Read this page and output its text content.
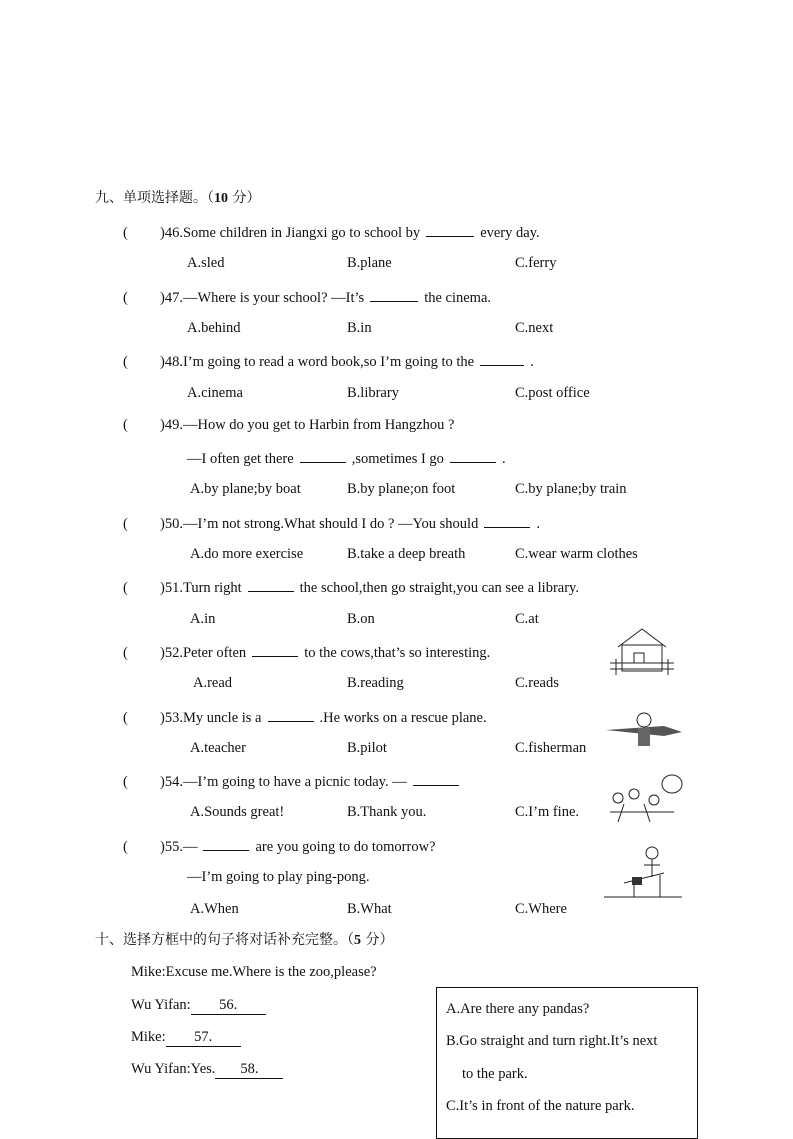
九、单项选择题。（10 分）
( )46.Some children in Jiangxi go to school by	every day.
A.sled	B.plane	C.ferry
( )47.—Where is your school? —It’s	the cinema.
A.behind	B.in	C.next
( )48.I’m going to read a word book,so I’m going to the	.
A.cinema	B.library	C.post office
( )49.—How do you get to Harbin from Hangzhou ?
—I often get there	,sometimes I go	.
A.by plane;by boat	B.by plane;on foot	C.by plane;by train
( )50.—I’m not strong.What should I do ? —You should	.
A.do more exercise	B.take a deep breath	C.wear warm clothes
( )51.Turn right	the school,then go straight,you can see a library.
A.in	B.on	C.at
( )52.Peter often	to the cows,that’s so interesting.
A.read	B.reading	C.reads
( )53.My uncle is a	.He works on a rescue plane.
A.teacher	B.pilot	C.fisherman
( )54.—I’m going to have a picnic today. —
A.Sounds great!	B.Thank you.	C.I’m fine.
( )55.—	are you going to do tomorrow?
—I’m going to play ping-pong.
A.When	B.What	C.Where
十、选择方框中的句子将对话补充完整。（5 分）
Mike:Excuse me.Where is the zoo,please?
Wu Yifan: 56.
Mike: 57.
Wu Yifan:Yes. 58.
A.Are there any pandas?
B.Go straight and turn right.It’s next
to the park.
C.It’s in front of the nature park.
